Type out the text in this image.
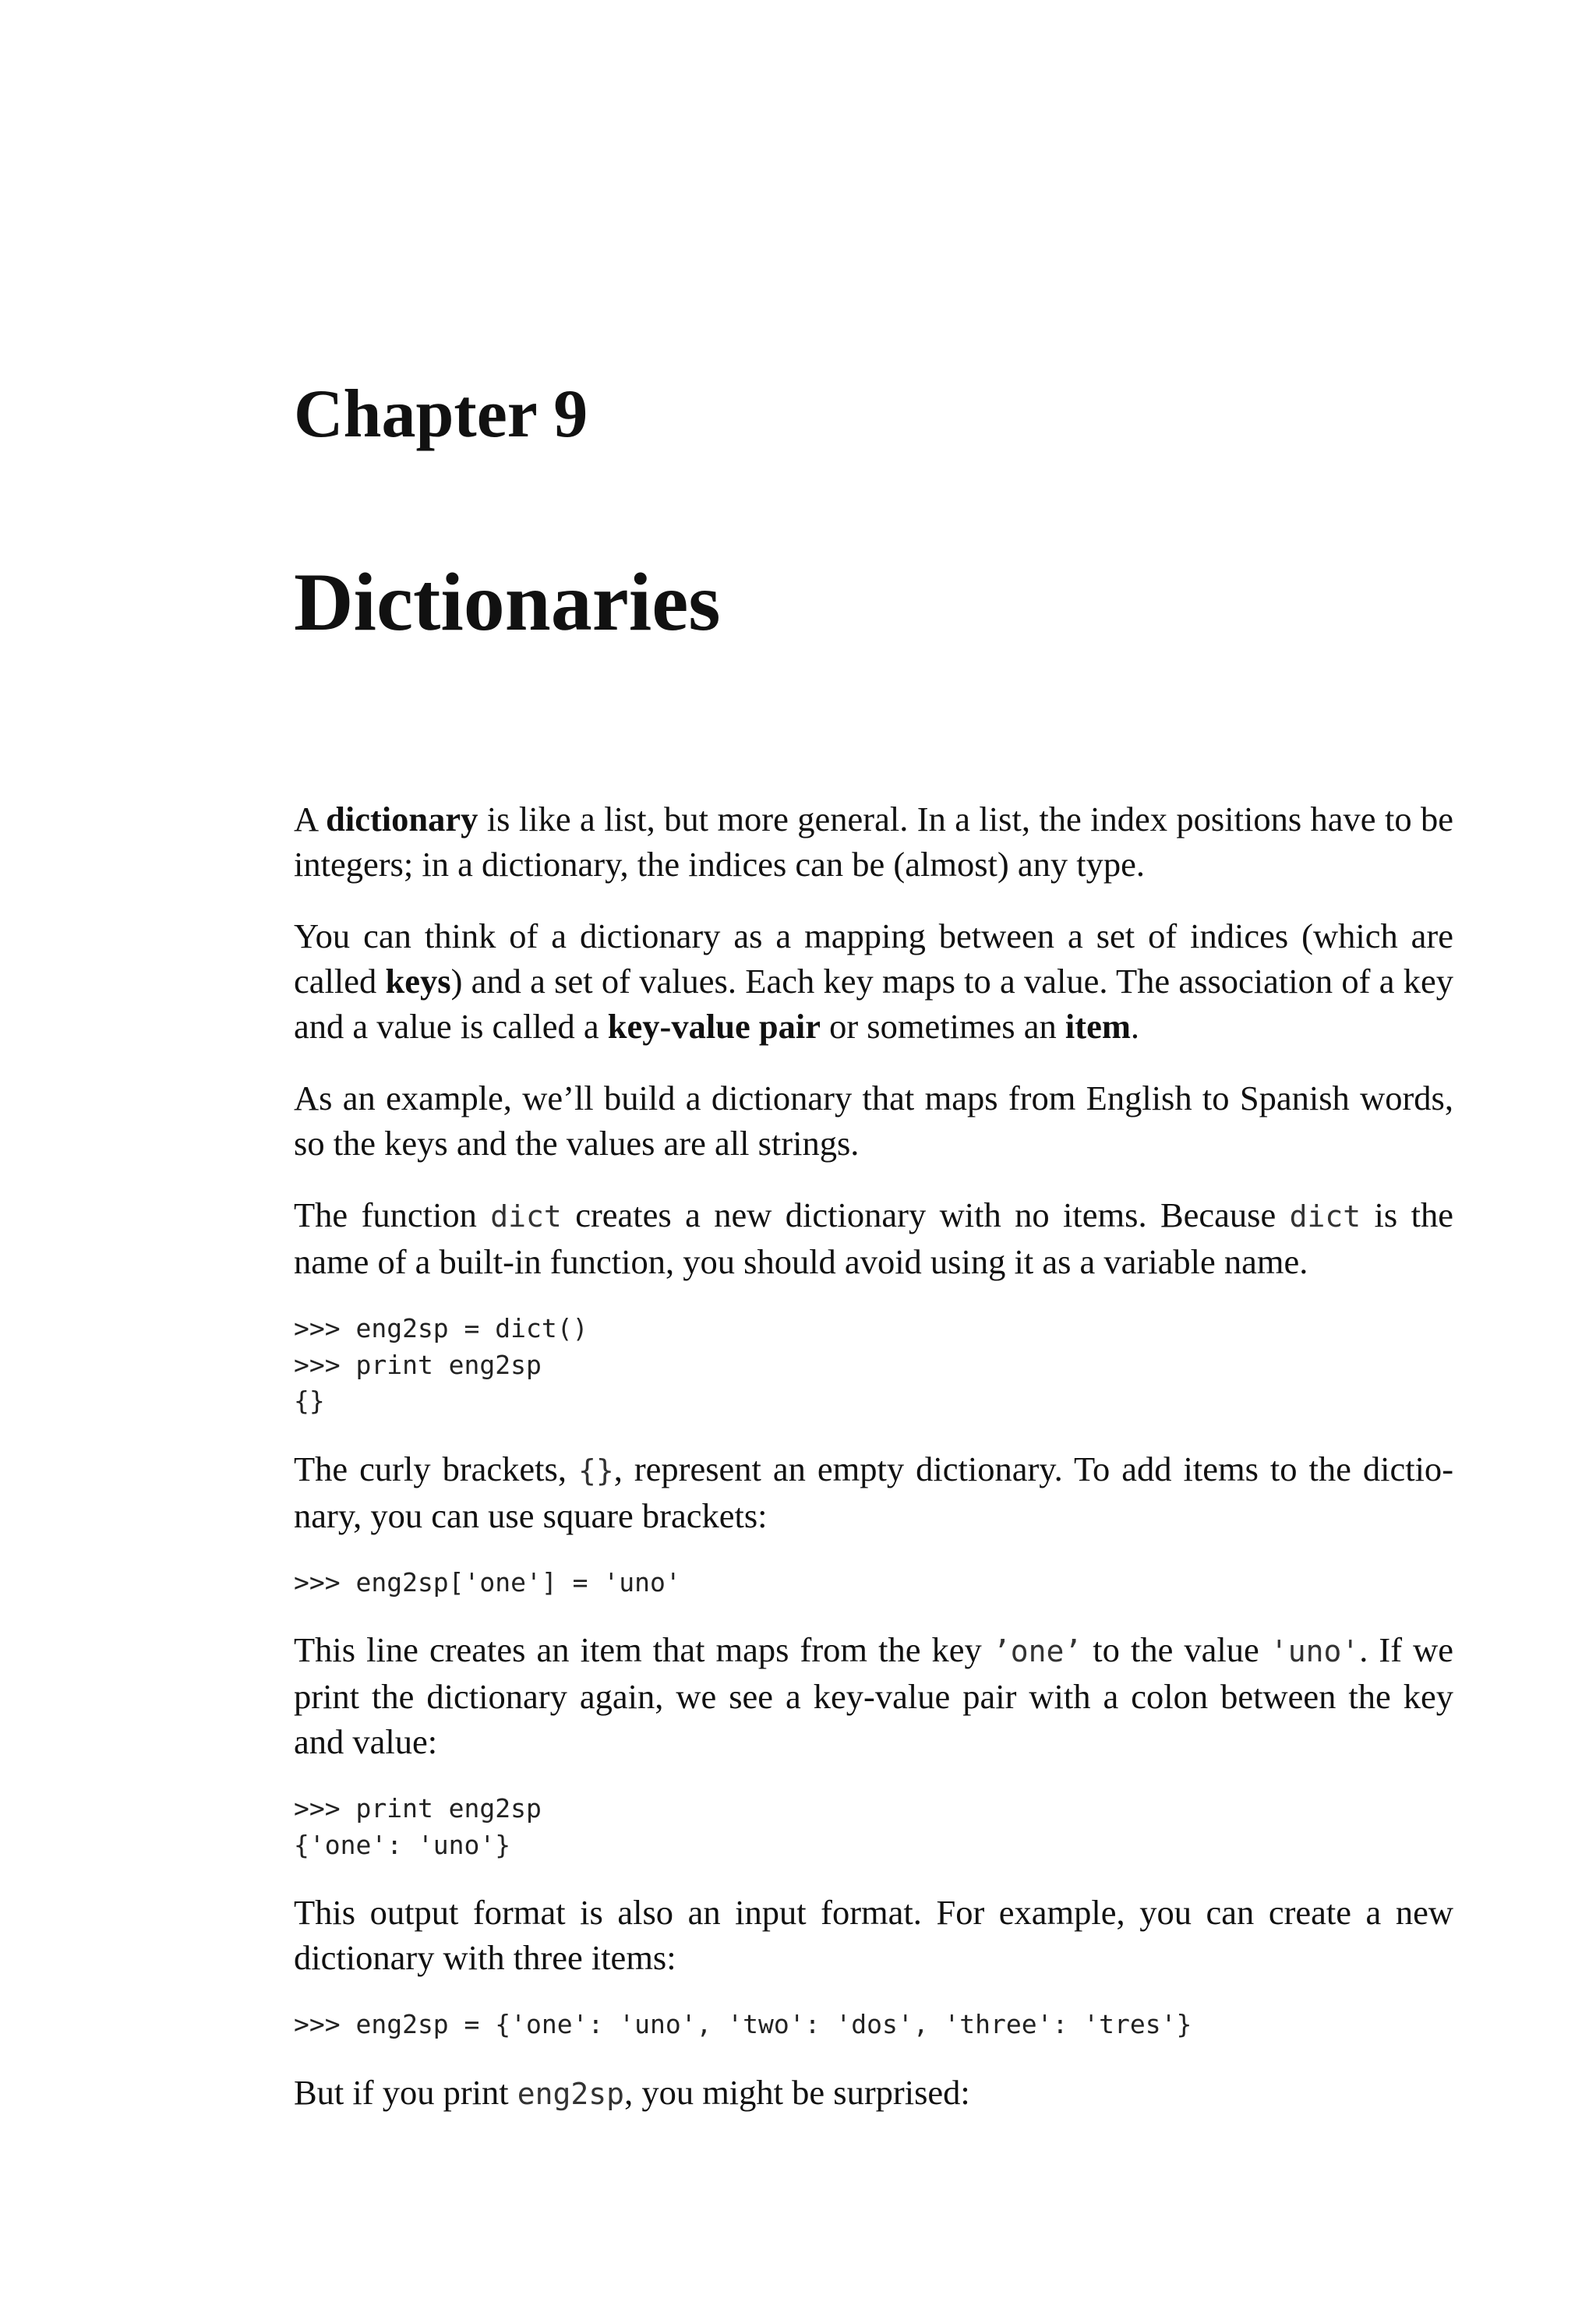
Chapter 9
Dictionaries

A dictionary is like a list, but more general. In a list, the index positions have to be integers; in a dictionary, the indices can be (almost) any type.

You can think of a dictionary as a mapping between a set of indices (which are called keys) and a set of values. Each key maps to a value. The association of a key and a value is called a key-value pair or sometimes an item.

As an example, we’ll build a dictionary that maps from English to Spanish words, so the keys and the values are all strings.

The function dict creates a new dictionary with no items. Because dict is the name of a built-in function, you should avoid using it as a variable name.

>>> eng2sp = dict()
>>> print eng2sp
{}

The curly brackets, {}, represent an empty dictionary. To add items to the dictionary, you can use square brackets:

>>> eng2sp['one'] = 'uno'

This line creates an item that maps from the key ’one’ to the value 'uno'. If we print the dictionary again, we see a key-value pair with a colon between the key and value:

>>> print eng2sp
{'one': 'uno'}

This output format is also an input format. For example, you can create a new dictionary with three items:

>>> eng2sp = {'one': 'uno', 'two': 'dos', 'three': 'tres'}

But if you print eng2sp, you might be surprised:
